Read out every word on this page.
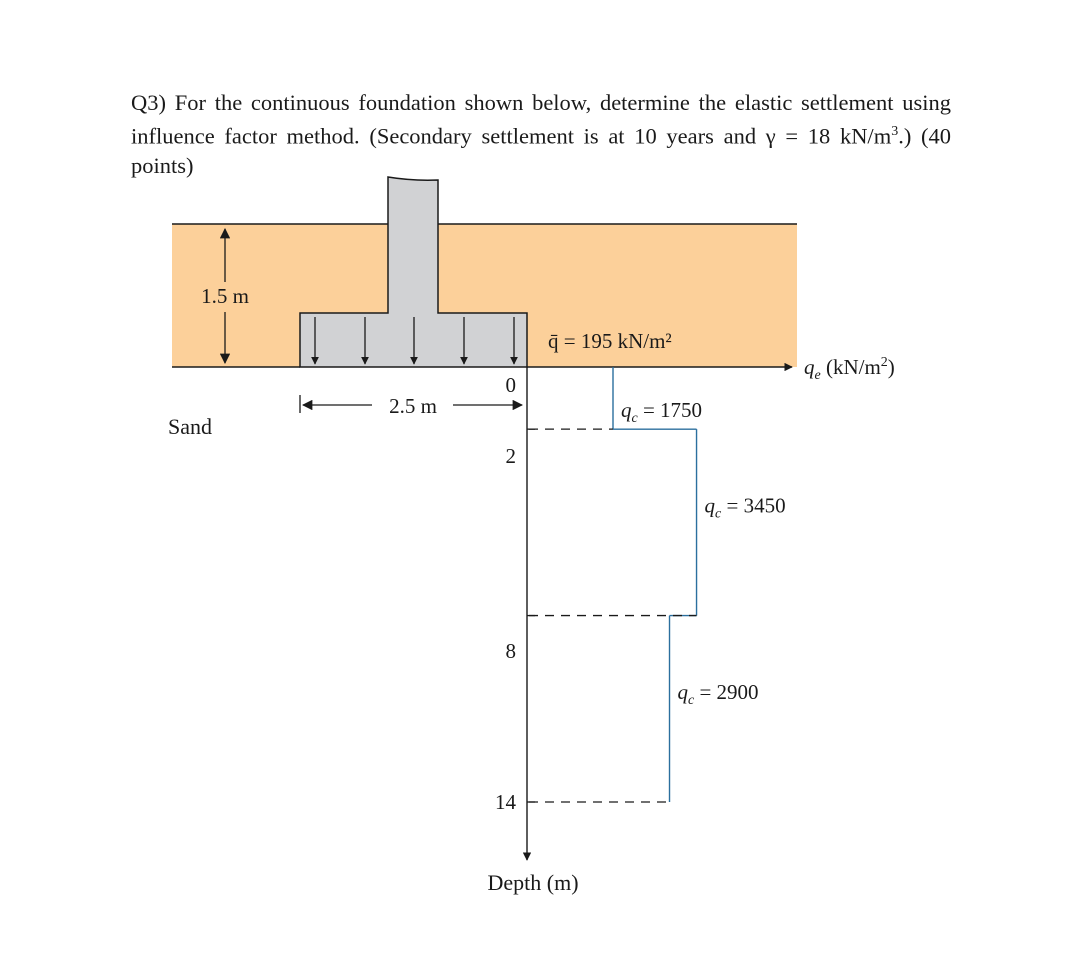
Q3) For the continuous foundation shown below, determine the elastic settlement using influence factor method. (Secondary settlement is at 10 years and γ = 18 $kN/m^3$.) (40 points)

1.5 m
Sand
2.5 m
q̄ = 195 kN/m²
$q_e$ $(kN/m^2)$
Depth (m)
0
2
8
14
$q_c = 1750$
$q_c = 3450$
$q_c = 2900$
